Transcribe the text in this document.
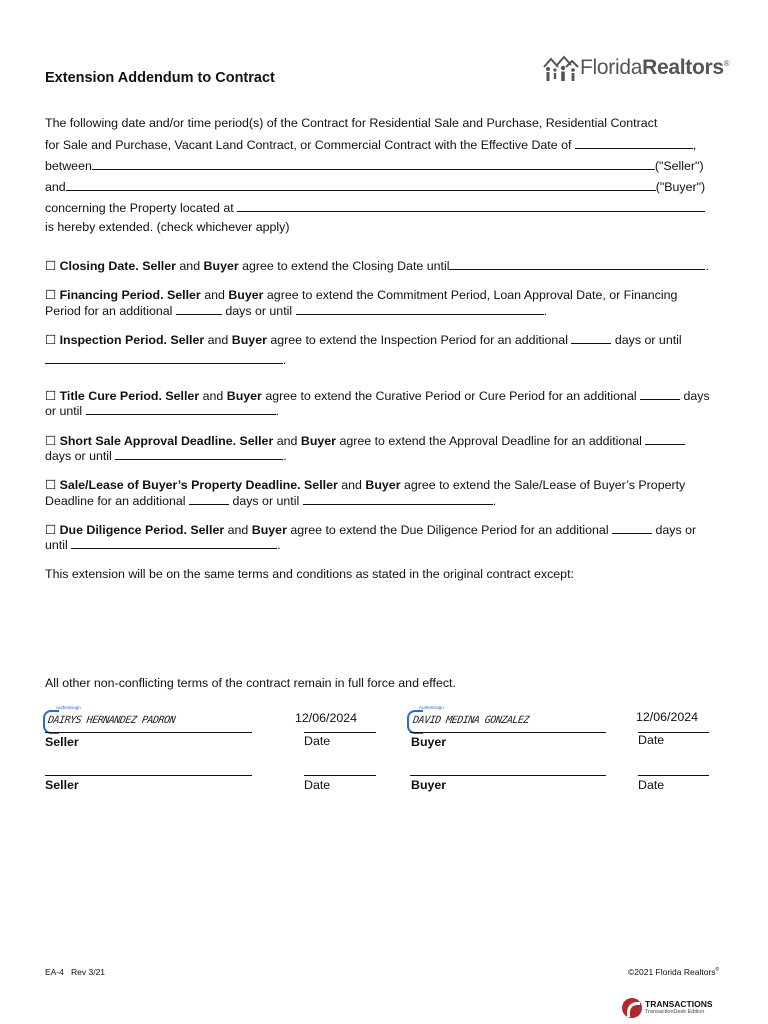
Extension Addendum to Contract	FloridaRealtors®
The following date and/or time period(s) of the Contract for Residential Sale and Purchase, Residential Contract
for Sale and Purchase, Vacant Land Contract, or Commercial Contract with the Effective Date of	,
between	("Seller")
and	("Buyer")
concerning the Property located at
is hereby extended. (check whichever apply)
☐ Closing Date. Seller and Buyer agree to extend the Closing Date until	.
☐ Financing Period. Seller and Buyer agree to extend the Commitment Period, Loan Approval Date, or Financing
Period for an additional	days or until	.
☐ Inspection Period. Seller and Buyer agree to extend the Inspection Period for an additional	days or until
.
☐ Title Cure Period. Seller and Buyer agree to extend the Curative Period or Cure Period for an additional	days
or until	.
☐ Short Sale Approval Deadline. Seller and Buyer agree to extend the Approval Deadline for an additional
days or until	.
☐ Sale/Lease of Buyer’s Property Deadline. Seller and Buyer agree to extend the Sale/Lease of Buyer’s Property
Deadline for an additional	days or until	.
☐ Due Diligence Period. Seller and Buyer agree to extend the Due Diligence Period for an additional	days or
until	.
This extension will be on the same terms and conditions as stated in the original contract except:
All other non-conflicting terms of the contract remain in full force and effect.
Authentisign
DAIRYS HERNANDEZ PADRON
Seller
12/06/2024
Date
Authentisign
DAVID MEDINA GONZALEZ
Buyer
12/06/2024
Date
Seller	Date	Buyer	Date
EA-4 Rev 3/21	©2021 Florida Realtors®
TRANSACTIONS
TransactionDesk Edition
